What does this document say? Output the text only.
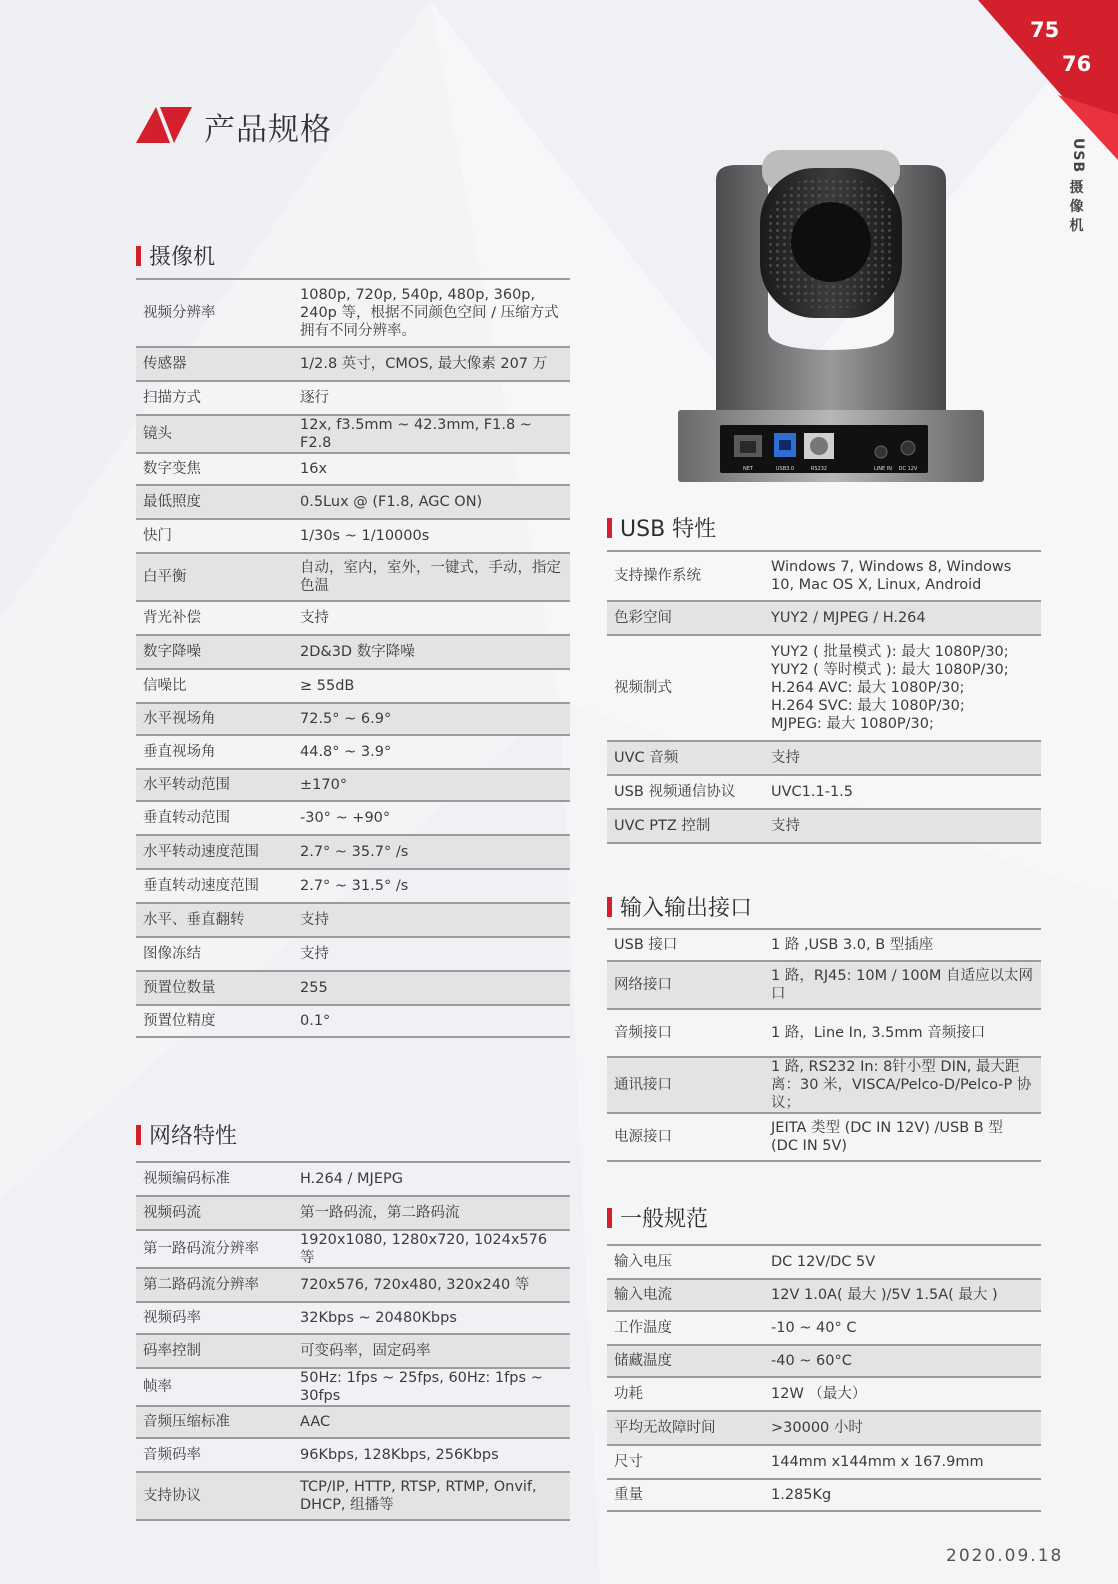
75
76
USB
摄
像
机
产品规格
NET	USB3.0	RS232	LINE IN DC 12V
摄像机
视频分辨率	1080p, 720p, 540p, 480p, 360p, 240p 等，根据不同颜色空间 / 压缩方式拥有不同分辨率。
传感器	1/2.8 英寸，CMOS, 最大像素 207 万
扫描方式	逐行
镜头	12x, f3.5mm ~ 42.3mm, F1.8 ~ F2.8
数字变焦	16x
最低照度	0.5Lux @ (F1.8, AGC ON)
快门	1/30s ~ 1/10000s
白平衡	自动，室内，室外，一键式，手动，指定色温
背光补偿	支持
数字降噪	2D&3D 数字降噪
信噪比	≥ 55dB
水平视场角	72.5° ~ 6.9°
垂直视场角	44.8° ~ 3.9°
水平转动范围	±170°
垂直转动范围	-30° ~ +90°
水平转动速度范围	2.7° ~ 35.7° /s
垂直转动速度范围	2.7° ~ 31.5° /s
水平、垂直翻转	支持
图像冻结	支持
预置位数量	255
预置位精度	0.1°
网络特性
视频编码标准	H.264 / MJEPG
视频码流	第一路码流，第二路码流
第一路码流分辨率	1920x1080, 1280x720, 1024x576 等
第二路码流分辨率	720x576, 720x480, 320x240 等
视频码率	32Kbps ~ 20480Kbps
码率控制	可变码率，固定码率
帧率	50Hz: 1fps ~ 25fps, 60Hz: 1fps ~ 30fps
音频压缩标准	AAC
音频码率	96Kbps, 128Kbps, 256Kbps
支持协议	TCP/IP, HTTP, RTSP, RTMP, Onvif, DHCP, 组播等
USB 特性
支持操作系统	Windows 7, Windows 8, Windows 10, Mac OS X, Linux, Android
色彩空间	YUY2 / MJPEG / H.264
视频制式	YUY2 ( 批量模式 ): 最大 1080P/30;
YUY2 ( 等时模式 ): 最大 1080P/30;
H.264 AVC: 最大 1080P/30;
H.264 SVC: 最大 1080P/30;
MJPEG: 最大 1080P/30;

UVC 音频	支持
USB 视频通信协议	UVC1.1-1.5
UVC PTZ 控制	支持
输入输出接口
USB 接口	1 路 ,USB 3.0, B 型插座
网络接口	1 路，RJ45: 10M / 100M 自适应以太网口
音频接口	1 路，Line In, 3.5mm 音频接口
通讯接口	1 路, RS232 In: 8针小型 DIN, 最大距离：30 米，VISCA/Pelco-D/Pelco-P 协议；
电源接口	JEITA 类型 (DC IN 12V) /USB B 型 (DC IN 5V)
一般规范
输入电压	DC 12V/DC 5V
输入电流	12V 1.0A( 最大 )/5V 1.5A( 最大 )
工作温度	-10 ~ 40° C
储藏温度	-40 ~ 60°C
功耗	12W （最大）
平均无故障时间	>30000 小时
尺寸	144mm x144mm x 167.9mm
重量	1.285Kg
2020.09.18
